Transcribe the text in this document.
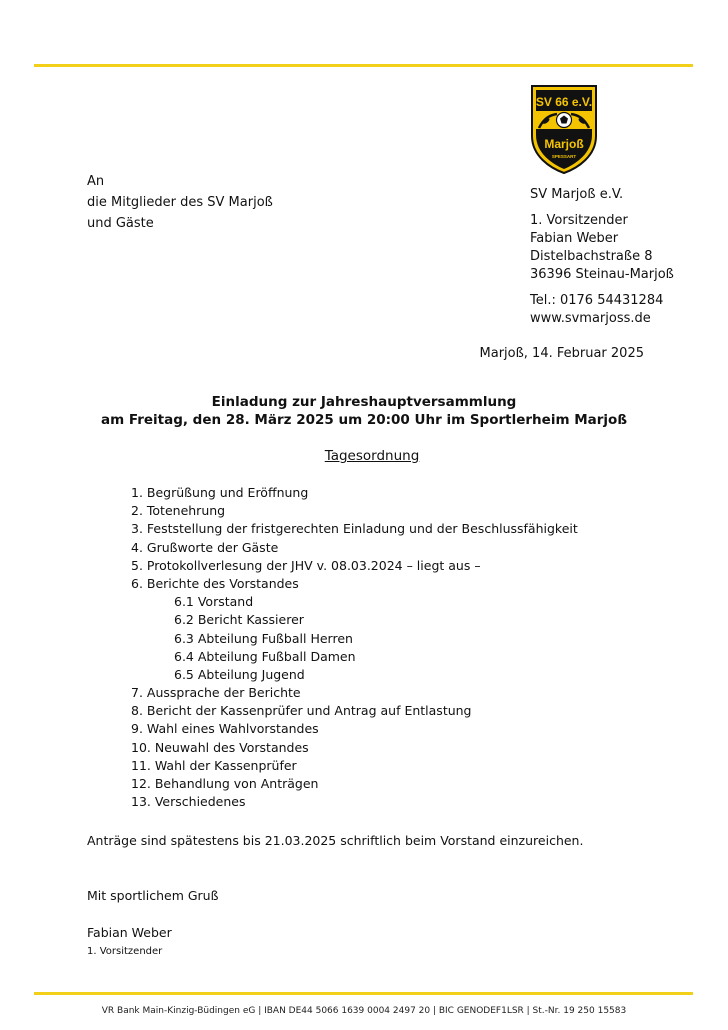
SV 66 e.V.
Marjoß
SPESSART
An
die Mitglieder des SV Marjoß
und Gäste
SV Marjoß e.V.
1. Vorsitzender
Fabian Weber
Distelbachstraße 8
36396 Steinau-Marjoß
Tel.: 0176 54431284
www.svmarjoss.de
Marjoß, 14. Februar 2025
Einladung zur Jahreshauptversammlung
am Freitag, den 28. März 2025 um 20:00 Uhr im Sportlerheim Marjoß
Tagesordnung
1. Begrüßung und Eröffnung
2. Totenehrung
3. Feststellung der fristgerechten Einladung und der Beschlussfähigkeit
4. Grußworte der Gäste
5. Protokollverlesung der JHV v. 08.03.2024 – liegt aus –
6. Berichte des Vorstandes
6.1 Vorstand
6.2 Bericht Kassierer
6.3 Abteilung Fußball Herren
6.4 Abteilung Fußball Damen
6.5 Abteilung Jugend
7. Aussprache der Berichte
8. Bericht der Kassenprüfer und Antrag auf Entlastung
9. Wahl eines Wahlvorstandes
10. Neuwahl des Vorstandes
11. Wahl der Kassenprüfer
12. Behandlung von Anträgen
13. Verschiedenes
Anträge sind spätestens bis 21.03.2025 schriftlich beim Vorstand einzureichen.
Mit sportlichem Gruß
Fabian Weber
1. Vorsitzender
VR Bank Main-Kinzig-Büdingen eG | IBAN DE44 5066 1639 0004 2497 20 | BIC GENODEF1LSR | St.-Nr. 19 250 15583
